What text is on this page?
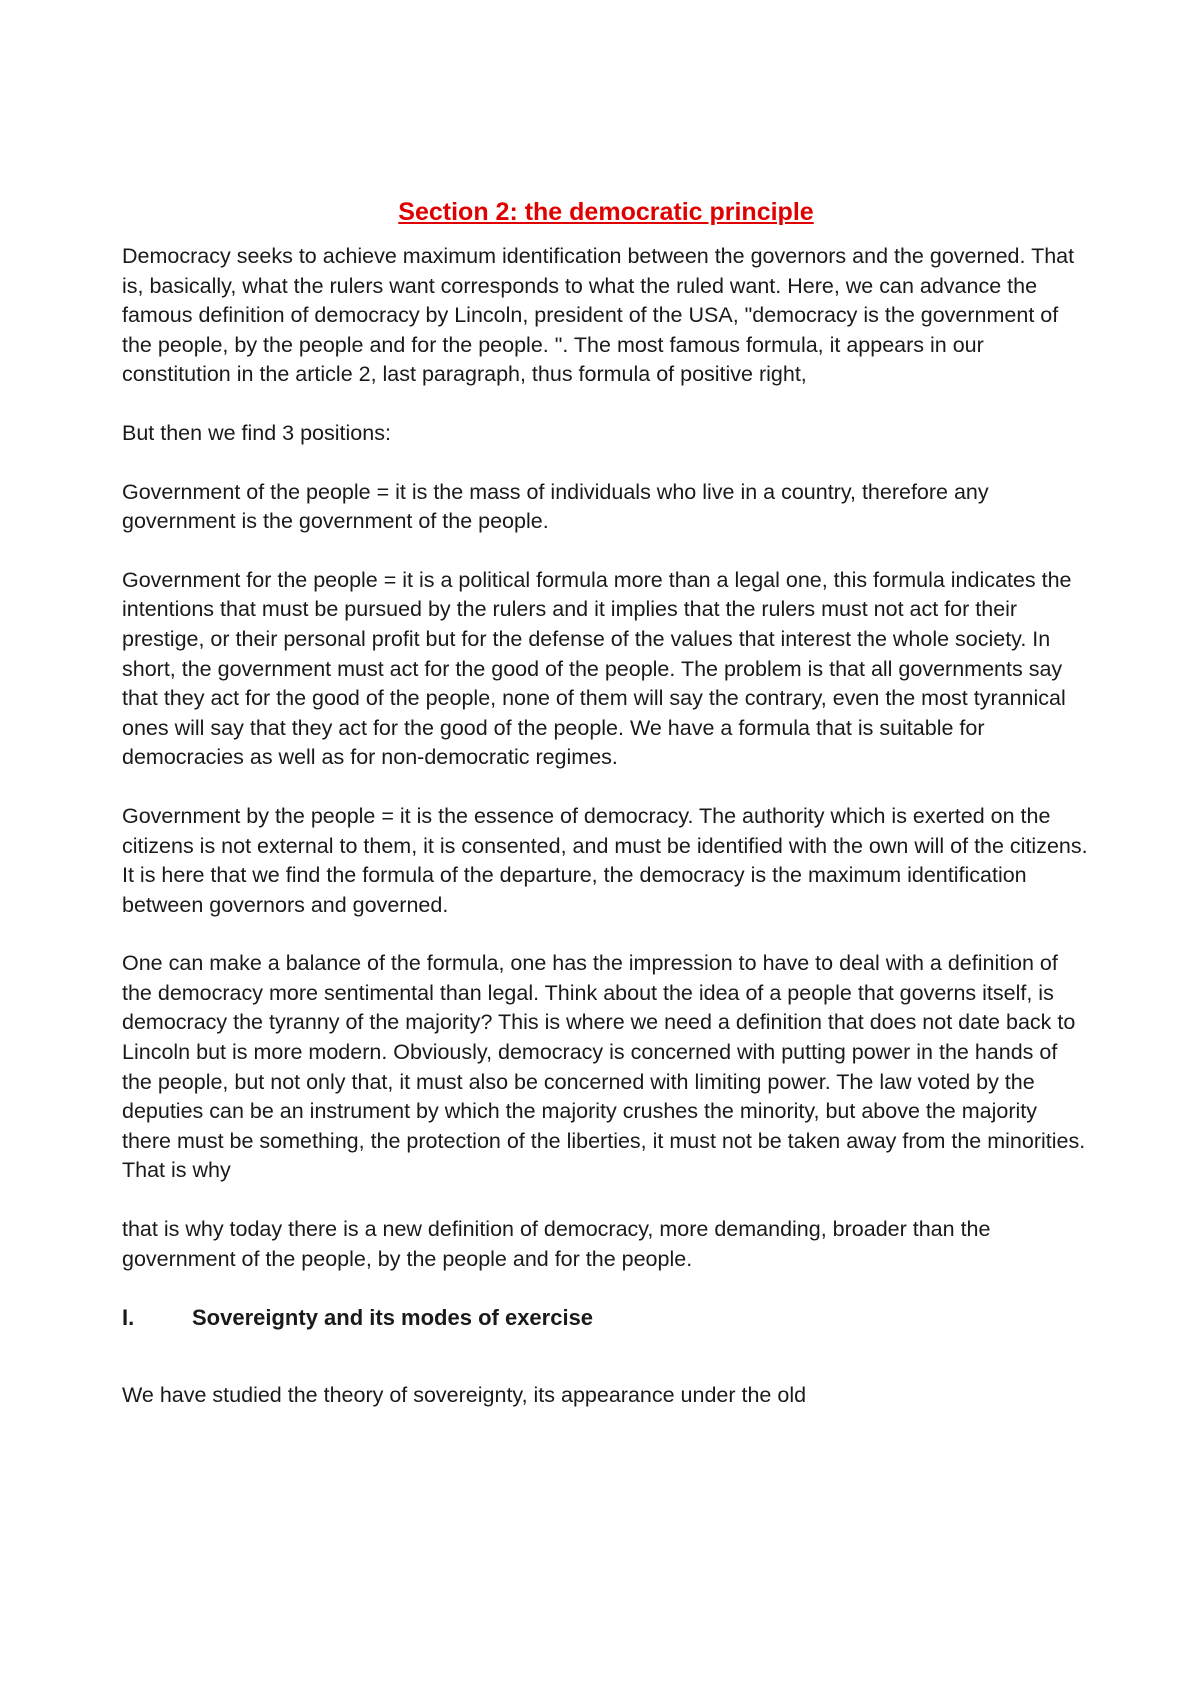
Section 2: the democratic principle

Democracy seeks to achieve maximum identification between the governors and the governed. That is, basically, what the rulers want corresponds to what the ruled want. Here, we can advance the famous definition of democracy by Lincoln, president of the USA, "democracy is the government of the people, by the people and for the people. ". The most famous formula, it appears in our constitution in the article 2, last paragraph, thus formula of positive right,

But then we find 3 positions:

Government of the people = it is the mass of individuals who live in a country, therefore any government is the government of the people.

Government for the people = it is a political formula more than a legal one, this formula indicates the intentions that must be pursued by the rulers and it implies that the rulers must not act for their prestige, or their personal profit but for the defense of the values that interest the whole society. In short, the government must act for the good of the people. The problem is that all governments say that they act for the good of the people, none of them will say the contrary, even the most tyrannical ones will say that they act for the good of the people. We have a formula that is suitable for democracies as well as for non-democratic regimes.

Government by the people = it is the essence of democracy. The authority which is exerted on the citizens is not external to them, it is consented, and must be identified with the own will of the citizens. It is here that we find the formula of the departure, the democracy is the maximum identification between governors and governed.

One can make a balance of the formula, one has the impression to have to deal with a definition of the democracy more sentimental than legal. Think about the idea of a people that governs itself, is democracy the tyranny of the majority? This is where we need a definition that does not date back to Lincoln but is more modern. Obviously, democracy is concerned with putting power in the hands of the people, but not only that, it must also be concerned with limiting power. The law voted by the deputies can be an instrument by which the majority crushes the minority, but above the majority there must be something, the protection of the liberties, it must not be taken away from the minorities. That is why

that is why today there is a new definition of democracy, more demanding, broader than the government of the people, by the people and for the people.

I.	Sovereignty and its modes of exercise

We have studied the theory of sovereignty, its appearance under the old
